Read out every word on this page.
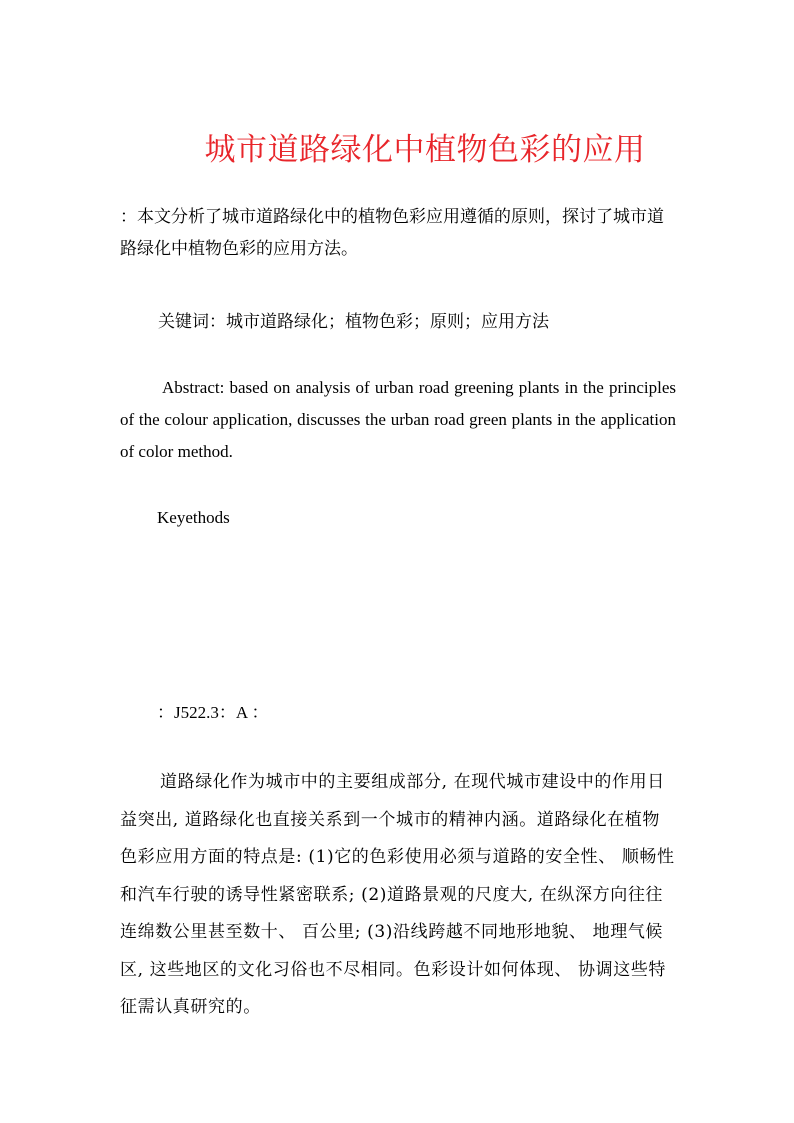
城市道路绿化中植物色彩的应用
：本文分析了城市道路绿化中的植物色彩应用遵循的原则，探讨了城市道路绿化中植物色彩的应用方法。
关键词：城市道路绿化；植物色彩；原则；应用方法
Abstract: based on analysis of urban road greening plants in the principles of the colour application, discusses the urban road green plants in the application of color method.
Keyethods
：J522.3：A ：
道路绿化作为城市中的主要组成部分, 在现代城市建设中的作用日益突出, 道路绿化也直接关系到一个城市的精神内涵。道路绿化在植物色彩应用方面的特点是: (1)它的色彩使用必须与道路的安全性、 顺畅性和汽车行驶的诱导性紧密联系; (2)道路景观的尺度大, 在纵深方向往往连绵数公里甚至数十、 百公里; (3)沿线跨越不同地形地貌、 地理气候区, 这些地区的文化习俗也不尽相同。色彩设计如何体现、 协调这些特征需认真研究的。
